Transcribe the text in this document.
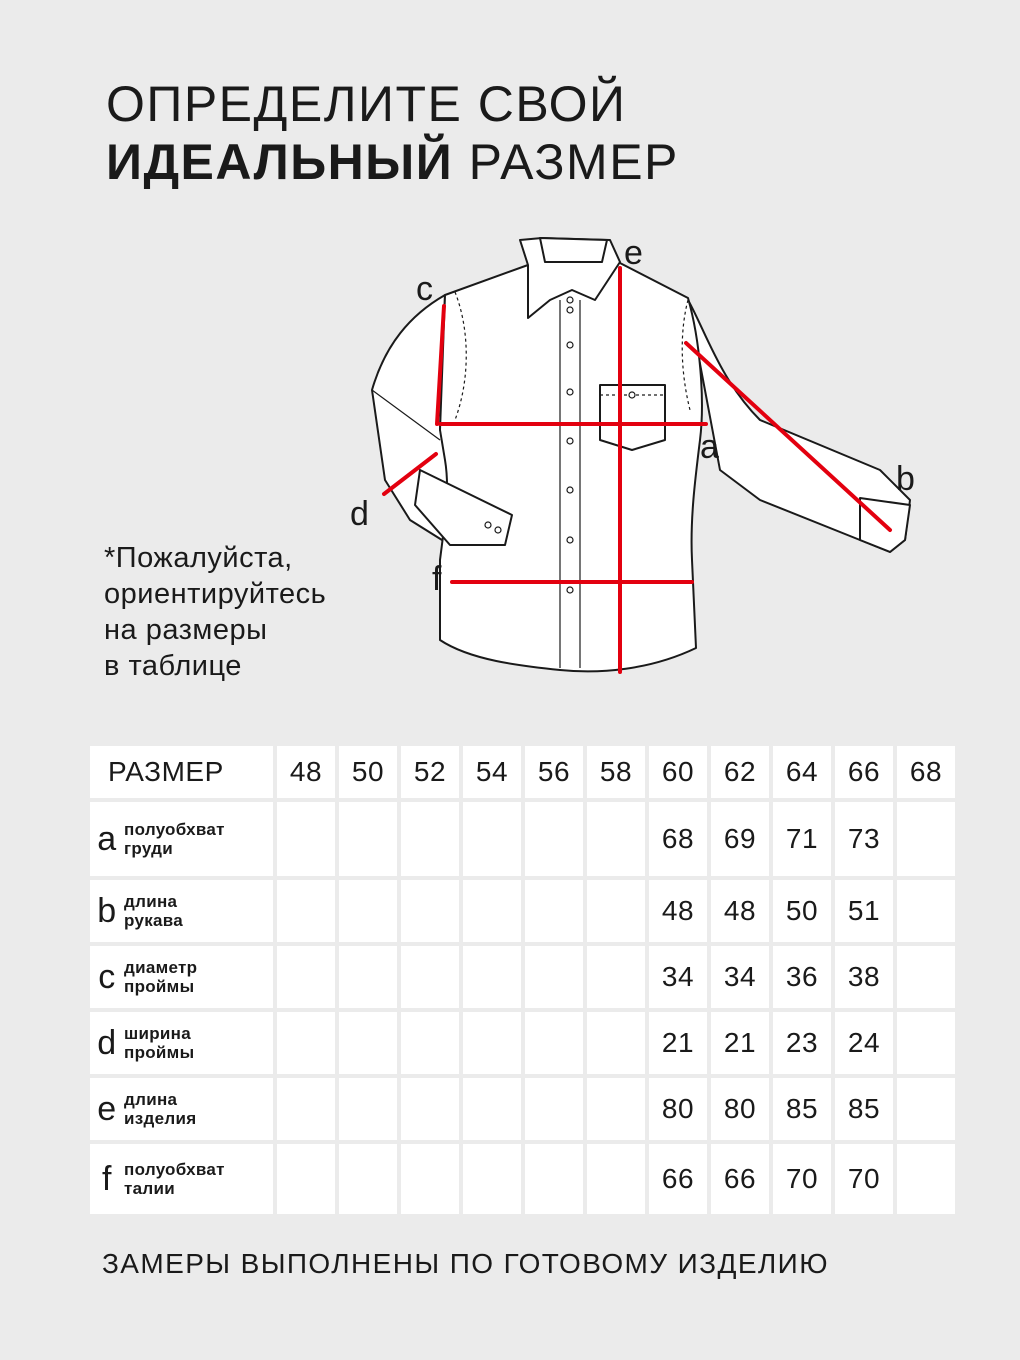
ОПРЕДЕЛИТЕ СВОЙ
ИДЕАЛЬНЫЙ РАЗМЕР
*Пожалуйста,
ориентируйтесь
на размеры
в таблице
a
b
c
d
e
f
РАЗМЕР	48	50	52	54	56	58	60	62	64	66	68

a полуобхват
груди							68	69	71	73	

b длина
рукава							48	48	50	51	

c диаметр
проймы							34	34	36	38	

d ширина
проймы							21	21	23	24	

e длина
изделия							80	80	85	85	

f полуобхват
талии							66	66	70	70	
ЗАМЕРЫ ВЫПОЛНЕНЫ ПО ГОТОВОМУ ИЗДЕЛИЮ
